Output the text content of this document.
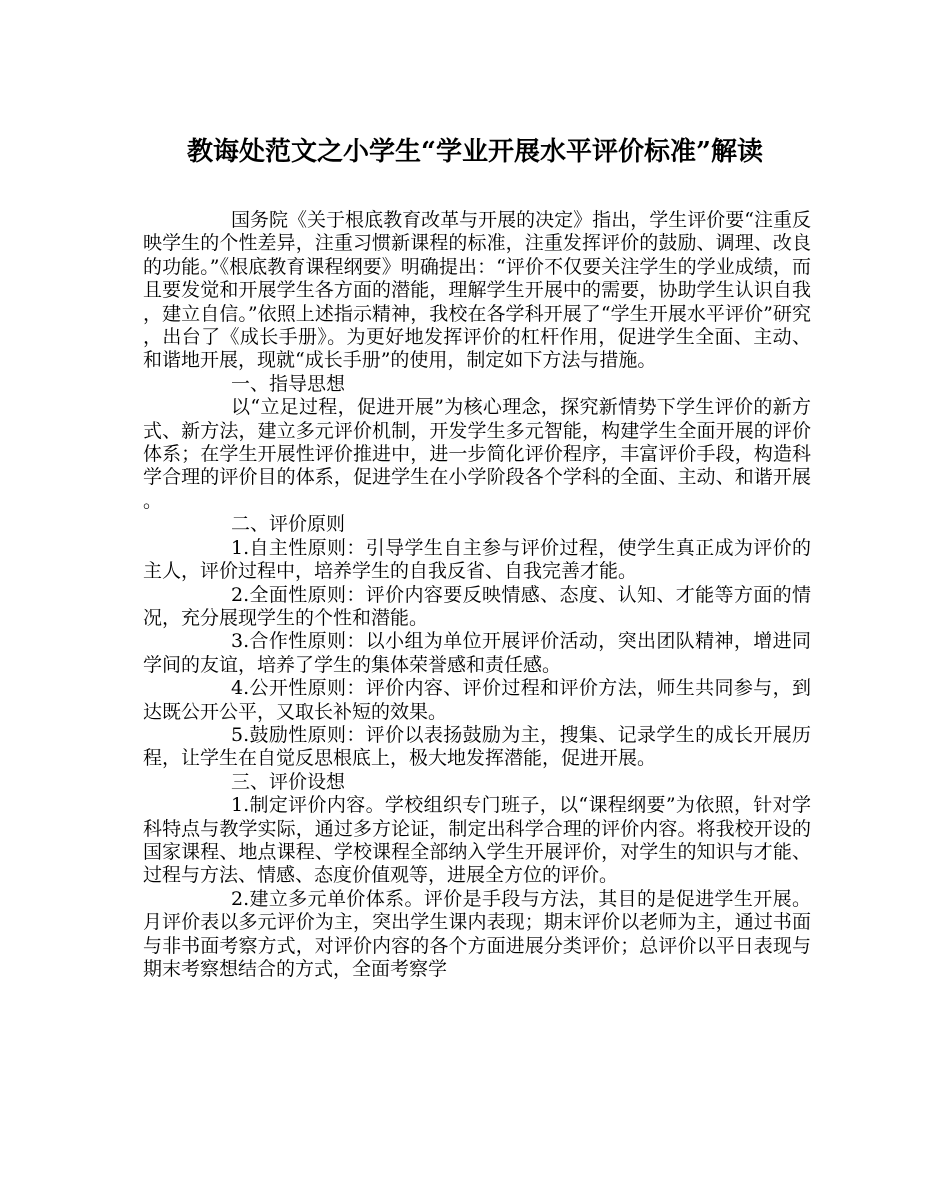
教诲处范文之小学生“学业开展水平评价标准”解读

国务院《关于根底教育改革与开展的决定》指出，学生评价要“注重反映学生的个性差异，注重习惯新课程的标准，注重发挥评价的鼓励、调理、改良的功能。”《根底教育课程纲要》明确提出：“评价不仅要关注学生的学业成绩，而且要发觉和开展学生各方面的潜能，理解学生开展中的需要，协助学生认识自我，建立自信。”依照上述指示精神，我校在各学科开展了“学生开展水平评价”研究，出台了《成长手册》。为更好地发挥评价的杠杆作用，促进学生全面、主动、和谐地开展，现就“成长手册”的使用，制定如下方法与措施。

一、指导思想

以“立足过程，促进开展”为核心理念，探究新情势下学生评价的新方式、新方法，建立多元评价机制，开发学生多元智能，构建学生全面开展的评价体系；在学生开展性评价推进中，进一步简化评价程序，丰富评价手段，构造科学合理的评价目的体系，促进学生在小学阶段各个学科的全面、主动、和谐开展。

二、评价原则

1.自主性原则：引导学生自主参与评价过程，使学生真正成为评价的主人，评价过程中，培养学生的自我反省、自我完善才能。

2.全面性原则：评价内容要反映情感、态度、认知、才能等方面的情况，充分展现学生的个性和潜能。

3.合作性原则：以小组为单位开展评价活动，突出团队精神，增进同学间的友谊，培养了学生的集体荣誉感和责任感。

4.公开性原则：评价内容、评价过程和评价方法，师生共同参与，到达既公开公平，又取长补短的效果。

5.鼓励性原则：评价以表扬鼓励为主，搜集、记录学生的成长开展历程，让学生在自觉反思根底上，极大地发挥潜能，促进开展。

三、评价设想

1.制定评价内容。学校组织专门班子，以“课程纲要”为依照，针对学科特点与教学实际，通过多方论证，制定出科学合理的评价内容。将我校开设的国家课程、地点课程、学校课程全部纳入学生开展评价，对学生的知识与才能、过程与方法、情感、态度价值观等，进展全方位的评价。

2.建立多元单价体系。评价是手段与方法，其目的是促进学生开展。月评价表以多元评价为主，突出学生课内表现；期末评价以老师为主，通过书面与非书面考察方式，对评价内容的各个方面进展分类评价；总评价以平日表现与期末考察想结合的方式，全面考察学
